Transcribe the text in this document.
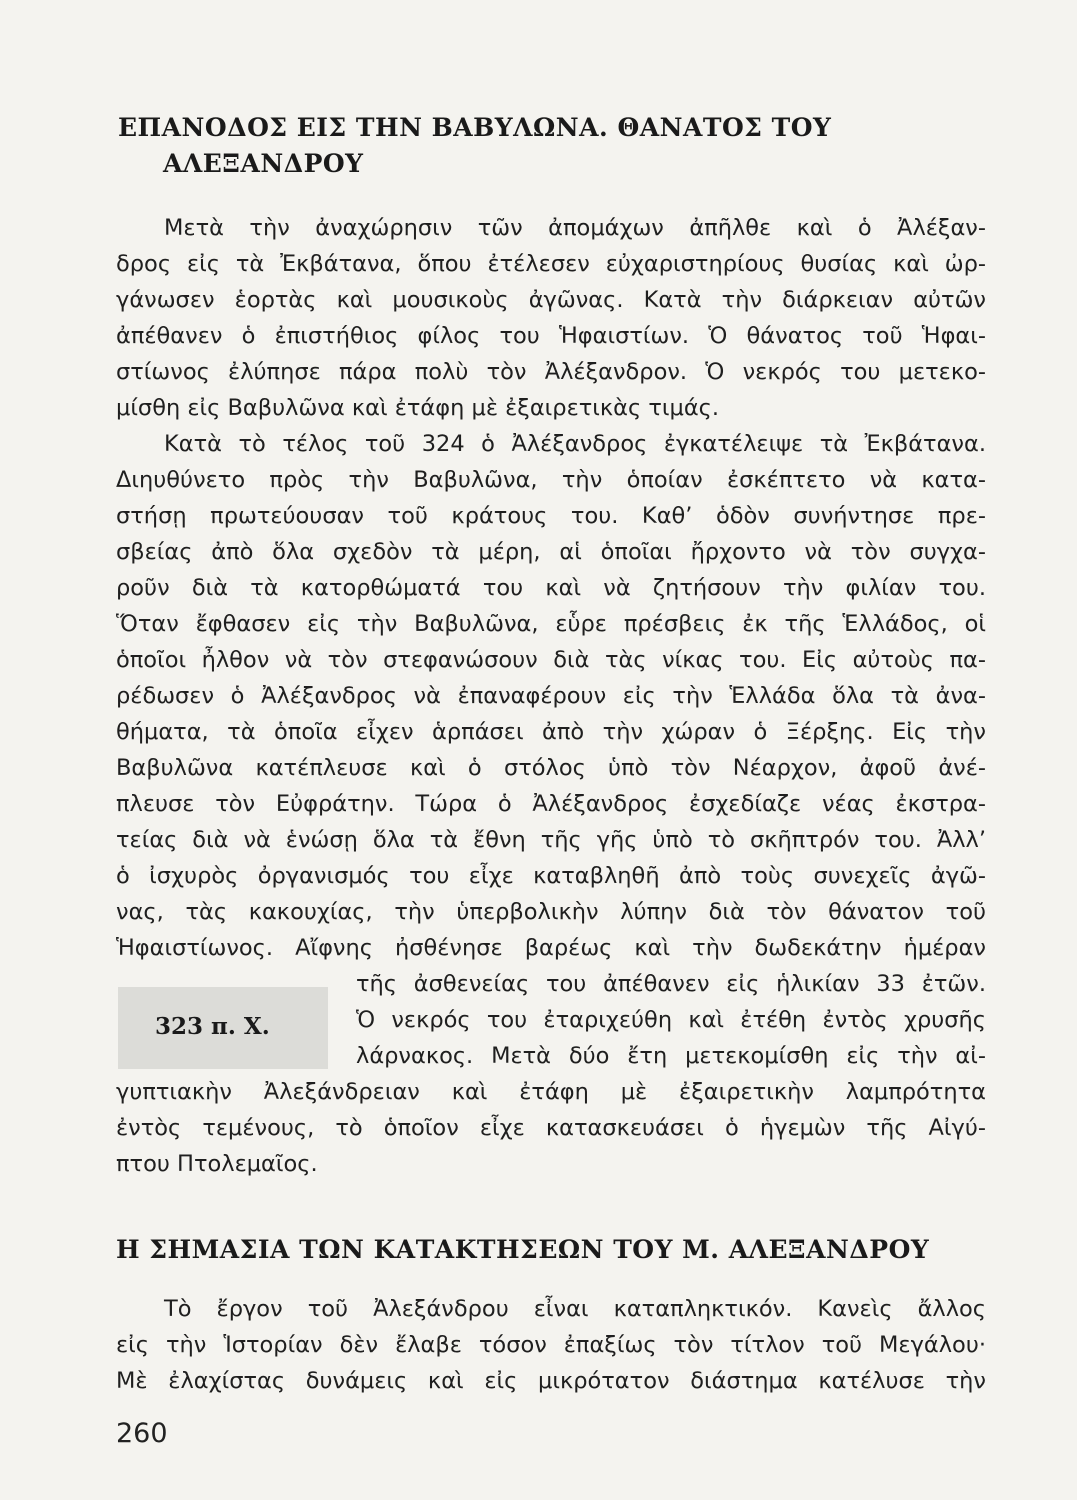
ΕΠΑΝΟΔΟΣ ΕΙΣ ΤΗΝ ΒΑΒΥΛΩΝΑ. ΘΑΝΑΤΟΣ ΤΟΥ
ΑΛΕΞΑΝΔΡΟΥ
Μετὰ τὴν ἀναχώρησιν τῶν ἀπομάχων ἀπῆλθε καὶ ὁ Ἀλέξαν-
δρος εἰς τὰ Ἐκβάτανα, ὅπου ἐτέλεσεν εὐχαριστηρίους θυσίας καὶ ὠρ-
γάνωσεν ἑορτὰς καὶ μουσικοὺς ἀγῶνας. Κατὰ τὴν διάρκειαν αὐτῶν
ἀπέθανεν ὁ ἐπιστήθιος φίλος του Ἡφαιστίων. Ὁ θάνατος τοῦ Ἡφαι-
στίωνος ἐλύπησε πάρα πολὺ τὸν Ἀλέξανδρον. Ὁ νεκρός του μετεκο-
μίσθη εἰς Βαβυλῶνα καὶ ἐτάφη μὲ ἐξαιρετικὰς τιμάς.
Κατὰ τὸ τέλος τοῦ 324 ὁ Ἀλέξανδρος ἐγκατέλειψε τὰ Ἐκβάτανα.
Διηυθύνετο πρὸς τὴν Βαβυλῶνα, τὴν ὁποίαν ἐσκέπτετο νὰ κατα-
στήσῃ πρωτεύουσαν τοῦ κράτους του. Καθ’ ὁδὸν συνήντησε πρε-
σβείας ἀπὸ ὅλα σχεδὸν τὰ μέρη, αἱ ὁποῖαι ἤρχοντο νὰ τὸν συγχα-
ροῦν διὰ τὰ κατορθώματά του καὶ νὰ ζητήσουν τὴν φιλίαν του.
Ὅταν ἔφθασεν εἰς τὴν Βαβυλῶνα, εὗρε πρέσβεις ἐκ τῆς Ἑλλάδος, οἱ
ὁποῖοι ἦλθον νὰ τὸν στεφανώσουν διὰ τὰς νίκας του. Εἰς αὐτοὺς πα-
ρέδωσεν ὁ Ἀλέξανδρος νὰ ἐπαναφέρουν εἰς τὴν Ἑλλάδα ὅλα τὰ ἀνα-
θήματα, τὰ ὁποῖα εἶχεν ἁρπάσει ἀπὸ τὴν χώραν ὁ Ξέρξης. Εἰς τὴν
Βαβυλῶνα κατέπλευσε καὶ ὁ στόλος ὑπὸ τὸν Νέαρχον, ἀφοῦ ἀνέ-
πλευσε τὸν Εὐφράτην. Τώρα ὁ Ἀλέξανδρος ἐσχεδίαζε νέας ἐκστρα-
τείας διὰ νὰ ἑνώσῃ ὅλα τὰ ἔθνη τῆς γῆς ὑπὸ τὸ σκῆπτρόν του. Ἀλλ’
ὁ ἰσχυρὸς ὀργανισμός του εἶχε καταβληθῆ ἀπὸ τοὺς συνεχεῖς ἀγῶ-
νας, τὰς κακουχίας, τὴν ὑπερβολικὴν λύπην διὰ τὸν θάνατον τοῦ
Ἡφαιστίωνος. Αἴφνης ἠσθένησε βαρέως καὶ τὴν δωδεκάτην ἡμέραν
323 π. Χ.
τῆς ἀσθενείας του ἀπέθανεν εἰς ἡλικίαν 33 ἐτῶν.
Ὁ νεκρός του ἐταριχεύθη καὶ ἐτέθη ἐντὸς χρυσῆς
λάρνακος. Μετὰ δύο ἔτη μετεκομίσθη εἰς τὴν αἰ-
γυπτιακὴν Ἀλεξάνδρειαν καὶ ἐτάφη μὲ ἐξαιρετικὴν λαμπρότητα
ἐντὸς τεμένους, τὸ ὁποῖον εἶχε κατασκευάσει ὁ ἡγεμὼν τῆς Αἰγύ-
πτου Πτολεμαῖος.
Η ΣΗΜΑΣΙΑ ΤΩΝ ΚΑΤΑΚΤΗΣΕΩΝ ΤΟΥ Μ. ΑΛΕΞΑΝΔΡΟΥ
Τὸ ἔργον τοῦ Ἀλεξάνδρου εἶναι καταπληκτικόν. Κανεὶς ἄλλος
εἰς τὴν Ἱστορίαν δὲν ἔλαβε τόσον ἐπαξίως τὸν τίτλον τοῦ Μεγάλου·
Μὲ ἐλαχίστας δυνάμεις καὶ εἰς μικρότατον διάστημα κατέλυσε τὴν
260
